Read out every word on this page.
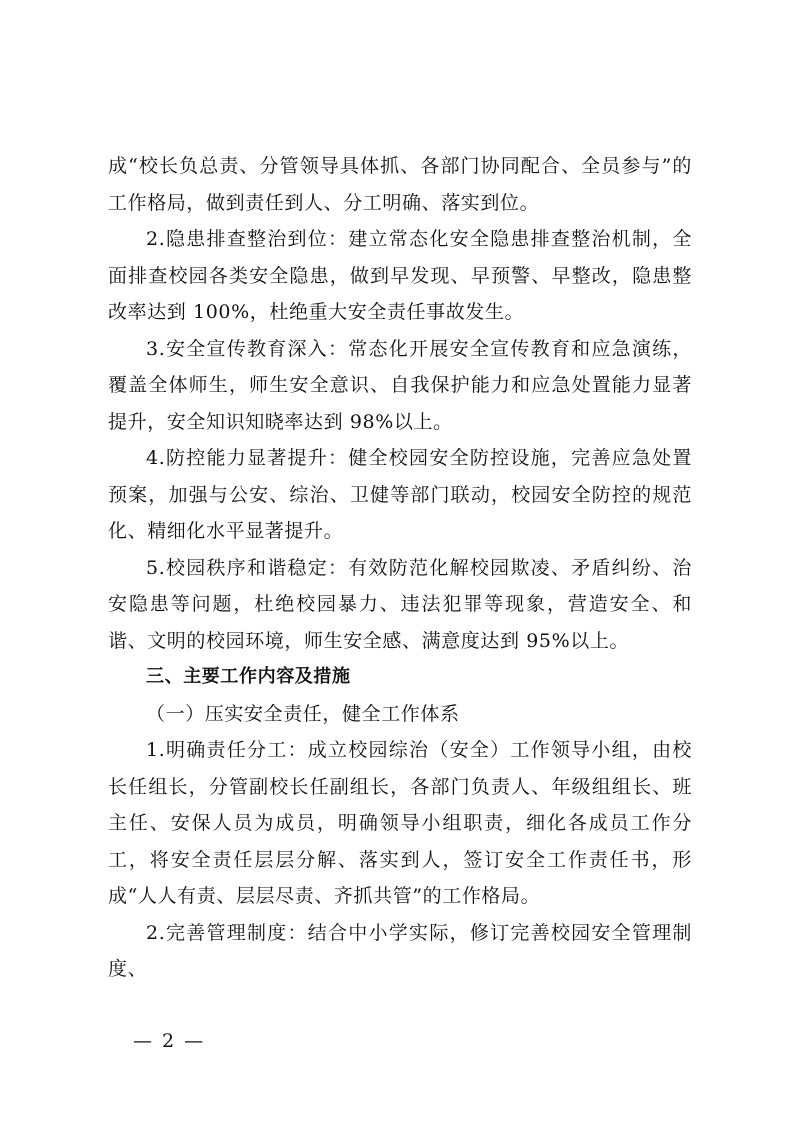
成“校长负总责、分管领导具体抓、各部门协同配合、全员参与”的工作格局，做到责任到人、分工明确、落实到位。

2.隐患排查整治到位：建立常态化安全隐患排查整治机制，全面排查校园各类安全隐患，做到早发现、早预警、早整改，隐患整改率达到 100%，杜绝重大安全责任事故发生。

3.安全宣传教育深入：常态化开展安全宣传教育和应急演练，覆盖全体师生，师生安全意识、自我保护能力和应急处置能力显著提升，安全知识知晓率达到 98%以上。

4.防控能力显著提升：健全校园安全防控设施，完善应急处置预案，加强与公安、综治、卫健等部门联动，校园安全防控的规范化、精细化水平显著提升。

5.校园秩序和谐稳定：有效防范化解校园欺凌、矛盾纠纷、治安隐患等问题，杜绝校园暴力、违法犯罪等现象，营造安全、和谐、文明的校园环境，师生安全感、满意度达到 95%以上。

三、主要工作内容及措施

（一）压实安全责任，健全工作体系

1.明确责任分工：成立校园综治（安全）工作领导小组，由校长任组长，分管副校长任副组长，各部门负责人、年级组组长、班主任、安保人员为成员，明确领导小组职责，细化各成员工作分工，将安全责任层层分解、落实到人，签订安全工作责任书，形成“人人有责、层层尽责、齐抓共管”的工作格局。

2.完善管理制度：结合中小学实际，修订完善校园安全管理制度、

— 2 —
